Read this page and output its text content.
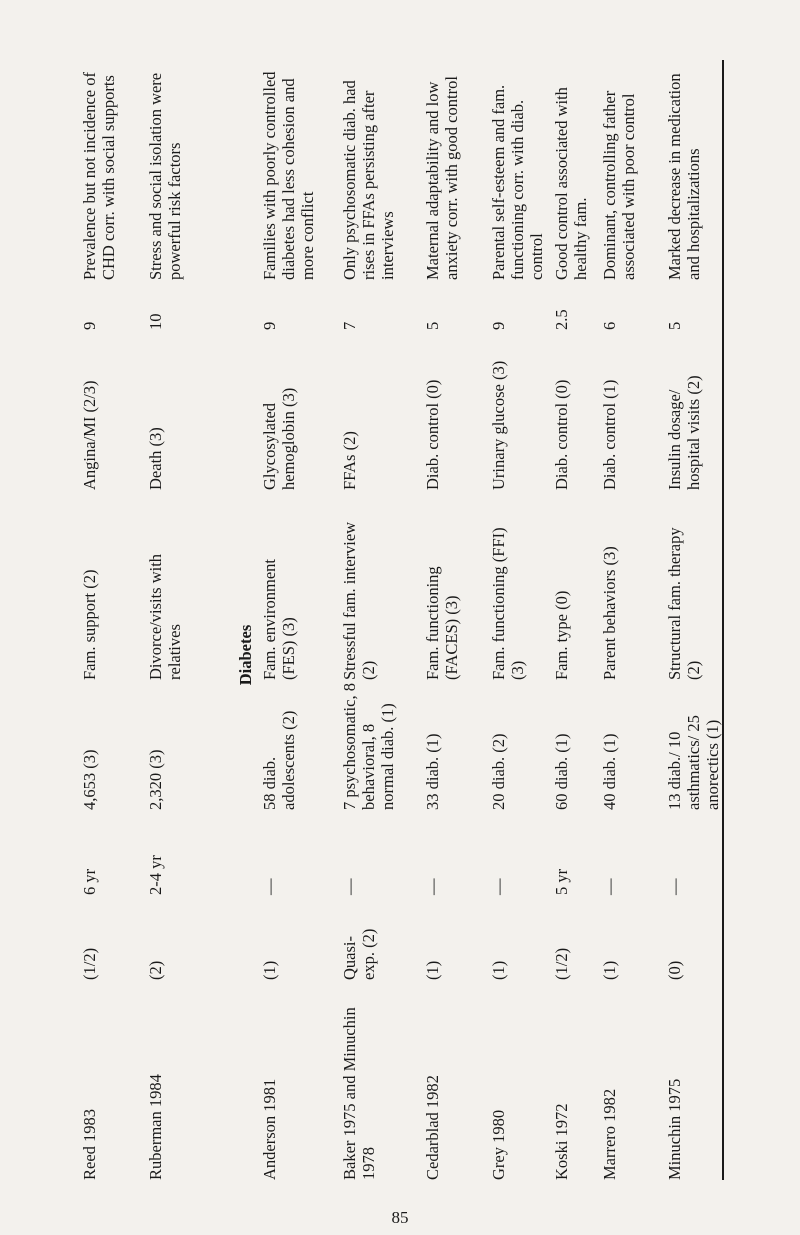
Reed 1983
(1/2)
6 yr
4,653 (3)
Fam. support (2)
Angina/MI (2/3)
9
Prevalence but not incidence of CHD corr. with social supports
Ruberman 1984
(2)
2-4 yr
2,320 (3)
Divorce/visits with relatives
Death (3)
10
Stress and social isolation were powerful risk factors
Diabetes
Anderson 1981
(1)
—
58 diab. adolescents (2)
Fam. environment (FES) (3)
Glycosylated hemoglobin (3)
9
Families with poorly controlled diabetes had less cohesion and more conflict
Baker 1975 and Minuchin 1978
Quasi-exp. (2)
—
7 psychosomatic, 8 behavioral, 8 normal diab. (1)
Stressful fam. interview (2)
FFAs (2)
7
Only psychosomatic diab. had rises in FFAs persisting after interviews
Cedarblad 1982
(1)
—
33 diab. (1)
Fam. functioning (FACES) (3)
Diab. control (0)
5
Maternal adaptability and low anxiety corr. with good control
Grey 1980
(1)
—
20 diab. (2)
Fam. functioning (FFI) (3)
Urinary glucose (3)
9
Parental self-esteem and fam. functioning corr. with diab. control
Koski 1972
(1/2)
5 yr
60 diab. (1)
Fam. type (0)
Diab. control (0)
2.5
Good control associated with healthy fam.
Marrero 1982
(1)
—
40 diab. (1)
Parent behaviors (3)
Diab. control (1)
6
Dominant, controlling father associated with poor control
Minuchin 1975
(0)
—
13 diab./ 10 asthmatics/ 25 anorectics (1)
Structural fam. therapy (2)
Insulin dosage/ hospital visits (2)
5
Marked decrease in medication and hospitalizations
85
